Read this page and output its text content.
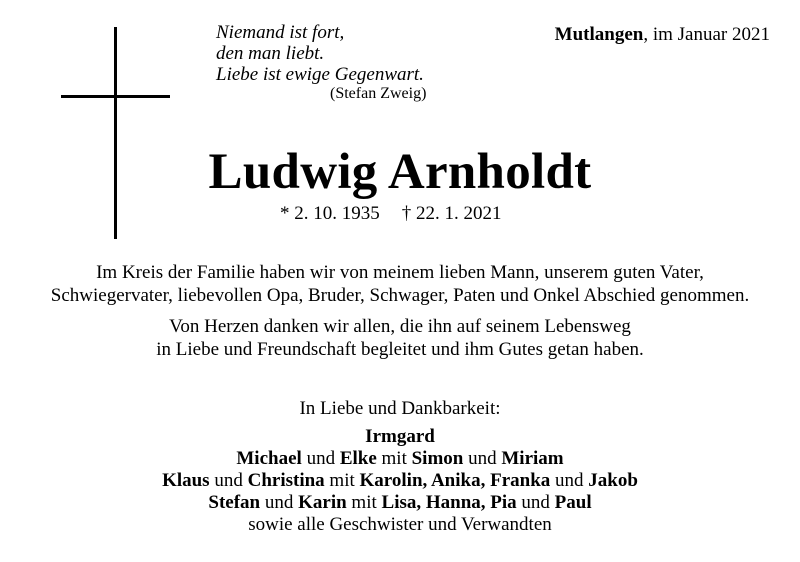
Niemand ist fort,
den man liebt.
Liebe ist ewige Gegenwart.
(Stefan Zweig)
Mutlangen, im Januar 2021
Ludwig Arnholdt
* 2. 10. 1935 † 22. 1. 2021
Im Kreis der Familie haben wir von meinem lieben Mann, unserem guten Vater,
Schwiegervater, liebevollen Opa, Bruder, Schwager, Paten und Onkel Abschied genommen.
Von Herzen danken wir allen, die ihn auf seinem Lebensweg
in Liebe und Freundschaft begleitet und ihm Gutes getan haben.
In Liebe und Dankbarkeit:
Irmgard
Michael und Elke mit Simon und Miriam
Klaus und Christina mit Karolin, Anika, Franka und Jakob
Stefan und Karin mit Lisa, Hanna, Pia und Paul
sowie alle Geschwister und Verwandten
